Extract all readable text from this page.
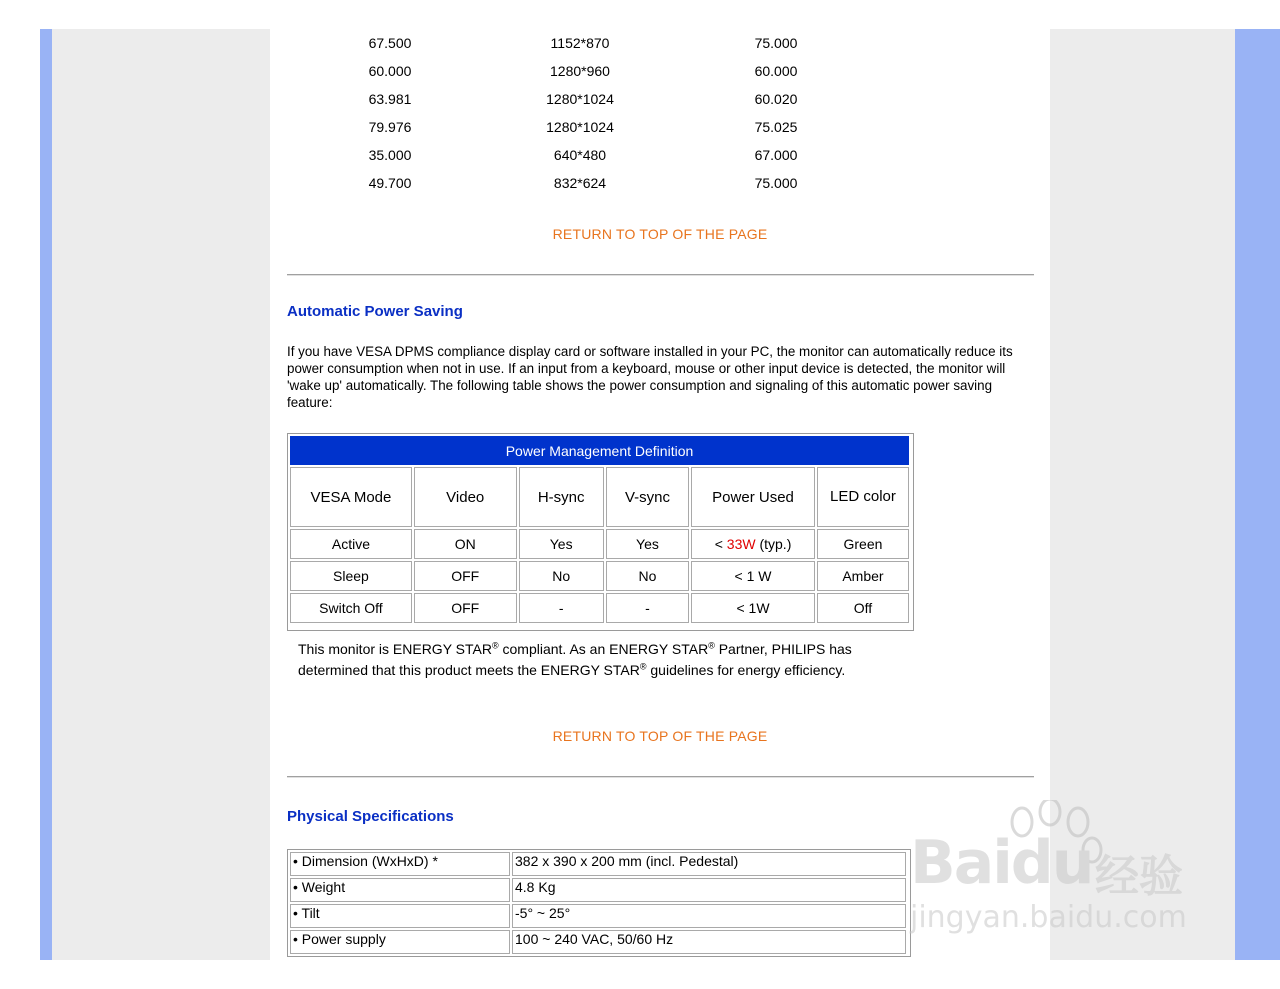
67.500	1152*870	75.000
60.000	1280*960	60.000
63.981	1280*1024	60.020
79.976	1280*1024	75.025
35.000	640*480	67.000
49.700	832*624	75.000
RETURN TO TOP OF THE PAGE
Automatic Power Saving
If you have VESA DPMS compliance display card or software installed in your PC, the monitor can automatically reduce its power consumption when not in use. If an input from a keyboard, mouse or other input device is detected, the monitor will 'wake up' automatically. The following table shows the power consumption and signaling of this automatic power saving feature:
Power Management Definition					
VESA Mode	Video	H-sync	V-sync	Power Used	LED color
Active	ON	Yes	Yes	< 33W (typ.)	Green
Sleep	OFF	No	No	< 1 W	Amber
Switch Off	OFF	-	-	< 1W	Off
This monitor is ENERGY STAR® compliant. As an ENERGY STAR® Partner, PHILIPS has determined that this product meets the ENERGY STAR® guidelines for energy efficiency.
RETURN TO TOP OF THE PAGE
Physical Specifications
• Dimension (WxHxD) *	382 x 390 x 200 mm (incl. Pedestal)
• Weight	4.8 Kg
• Tilt	-5° ~ 25°
• Power supply	100 ~ 240 VAC, 50/60 Hz
Baidu 经验
jingyan.baidu.com
